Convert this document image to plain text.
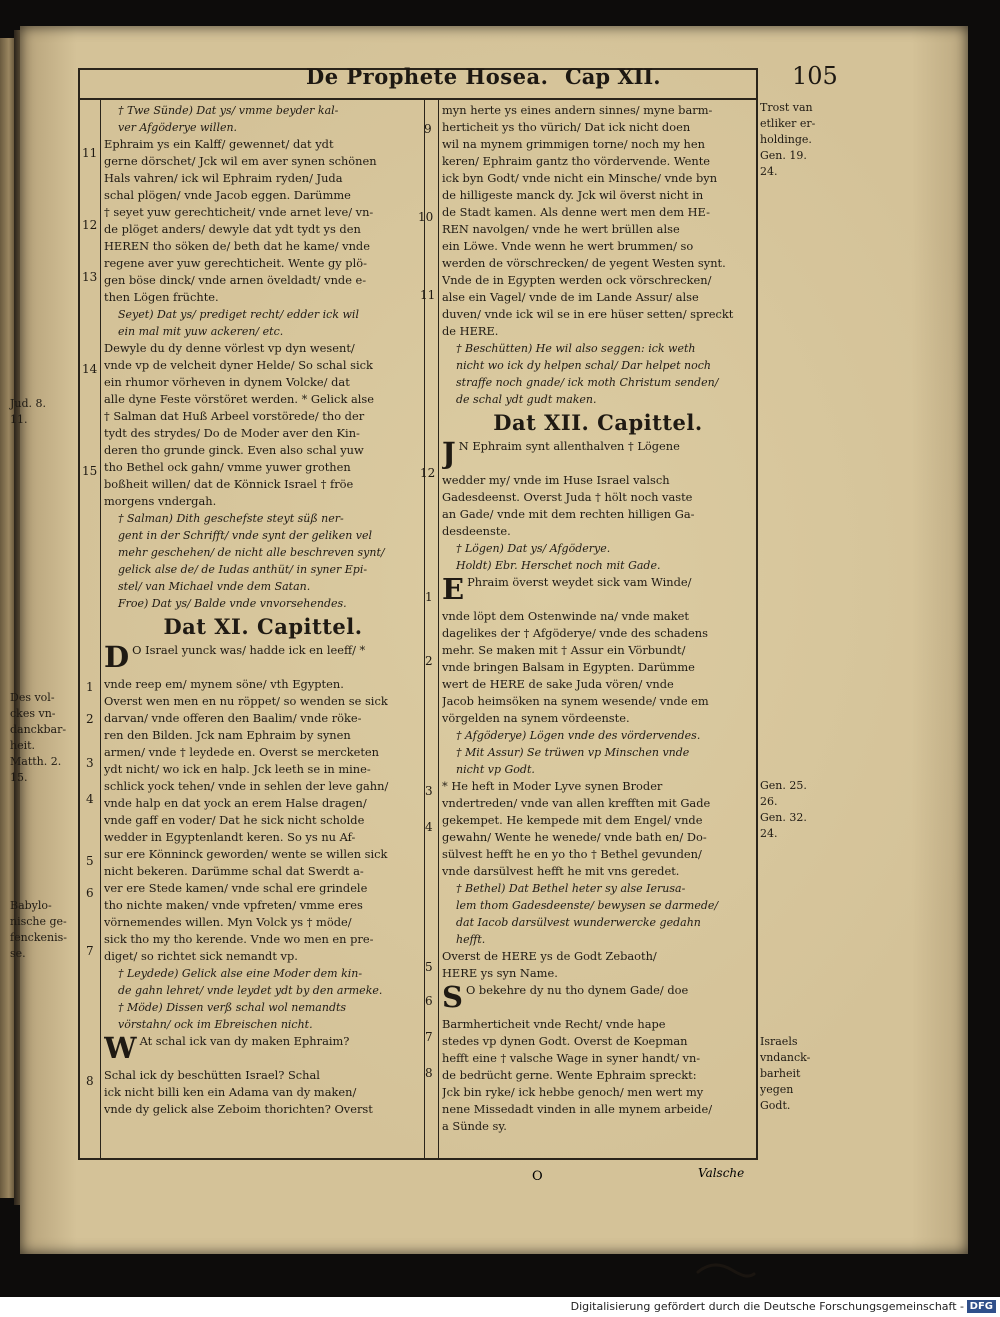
De Prophete Hosea. Cap XII.	105
† Twe Sünde) Dat ys/ vmme beyder kal-
ver Afgöderye willen.
Ephraim ys ein Kalff/ gewennet/ dat ydt
gerne dörschet/ Jck wil em aver synen schönen
Hals vahren/ ick wil Ephraim ryden/ Juda
schal plögen/ vnde Jacob eggen. Darümme
† seyet yuw gerechticheit/ vnde arnet leve/ vn-
de plöget anders/ dewyle dat ydt tydt ys den
HEREN tho söken de/ beth dat he kame/ vnde
regene aver yuw gerechticheit. Wente gy plö-
gen böse dinck/ vnde arnen öveldadt/ vnde e-
then Lögen früchte.
Seyet) Dat ys/ prediget recht/ edder ick wil
ein mal mit yuw ackeren/ etc.
Dewyle du dy denne vörlest vp dyn wesent/
vnde vp de velcheit dyner Helde/ So schal sick
ein rhumor vörheven in dynem Volcke/ dat
alle dyne Feste vörstöret werden. * Gelick alse
† Salman dat Huß Arbeel vorstörede/ tho der
tydt des strydes/ Do de Moder aver den Kin-
deren tho grunde ginck. Even also schal yuw
tho Bethel ock gahn/ vmme yuwer grothen
boßheit willen/ dat de Könnick Israel † fröe
morgens vndergah.
† Salman) Dith geschefste steyt süß ner-
gent in der Schrifft/ vnde synt der geliken vel
mehr geschehen/ de nicht alle beschreven synt/
gelick alse de/ de Iudas anthüt/ in syner Epi-
stel/ van Michael vnde dem Satan.
Froe) Dat ys/ Balde vnde vnvorsehendes.
Dat XI. Capittel.
D O Israel yunck was/ hadde ick en leeff/ *
vnde reep em/ mynem söne/ vth Egypten.
Overst wen men en nu röppet/ so wenden se sick
darvan/ vnde offeren den Baalim/ vnde röke-
ren den Bilden. Jck nam Ephraim by synen
armen/ vnde † leydede en. Overst se mercketen
ydt nicht/ wo ick en halp. Jck leeth se in mine-
schlick yock tehen/ vnde in sehlen der leve gahn/
vnde halp en dat yock an erem Halse dragen/
vnde gaff en voder/ Dat he sick nicht scholde
wedder in Egyptenlandt keren. So ys nu Af-
sur ere Könninck geworden/ wente se willen sick
nicht bekeren. Darümme schal dat Swerdt a-
ver ere Stede kamen/ vnde schal ere grindele
tho nichte maken/ vnde vpfreten/ vmme eres
vörnemendes willen. Myn Volck ys † möde/
sick tho my tho kerende. Vnde wo men en pre-
diget/ so richtet sick nemandt vp.
† Leydede) Gelick alse eine Moder dem kin-
de gahn lehret/ vnde leydet ydt by den armeke.
† Möde) Dissen verß schal wol nemandts
vörstahn/ ock im Ebreischen nicht.
W At schal ick van dy maken Ephraim?
Schal ick dy beschütten Israel? Schal
ick nicht billi ken ein Adama van dy maken/
vnde dy gelick alse Zeboim thorichten? Overst
myn herte ys eines andern sinnes/ myne barm-
herticheit ys tho vürich/ Dat ick nicht doen
wil na mynem grimmigen torne/ noch my hen
keren/ Ephraim gantz tho vördervende. Wente
ick byn Godt/ vnde nicht ein Minsche/ vnde byn
de hilligeste manck dy. Jck wil överst nicht in
de Stadt kamen. Als denne wert men dem HE-
REN navolgen/ vnde he wert brüllen alse
ein Löwe. Vnde wenn he wert brummen/ so
werden de vörschrecken/ de yegent Westen synt.
Vnde de in Egypten werden ock vörschrecken/
alse ein Vagel/ vnde de im Lande Assur/ alse
duven/ vnde ick wil se in ere hüser setten/ spreckt
de HERE.
† Beschütten) He wil also seggen: ick weth
nicht wo ick dy helpen schal/ Dar helpet noch
straffe noch gnade/ ick moth Christum senden/
de schal ydt gudt maken.
Dat XII. Capittel.
J N Ephraim synt allenthalven † Lögene
wedder my/ vnde im Huse Israel valsch
Gadesdeenst. Overst Juda † hölt noch vaste
an Gade/ vnde mit dem rechten hilligen Ga-
desdeenste.
† Lögen) Dat ys/ Afgöderye.
Holdt) Ebr. Herschet noch mit Gade.
E Phraim överst weydet sick vam Winde/
vnde löpt dem Ostenwinde na/ vnde maket
dagelikes der † Afgöderye/ vnde des schadens
mehr. Se maken mit † Assur ein Vörbundt/
vnde bringen Balsam in Egypten. Darümme
wert de HERE de sake Juda vören/ vnde
Jacob heimsöken na synem wesende/ vnde em
vörgelden na synem vördeenste.
† Afgöderye) Lögen vnde des vördervendes.
† Mit Assur) Se trüwen vp Minschen vnde
nicht vp Godt.
* He heft in Moder Lyve synen Broder
vndertreden/ vnde van allen krefften mit Gade
gekempet. He kempede mit dem Engel/ vnde
gewahn/ Wente he wenede/ vnde bath en/ Do-
sülvest hefft he en yo tho † Bethel gevunden/
vnde darsülvest hefft he mit vns geredet.
† Bethel) Dat Bethel heter sy alse Ierusa-
lem thom Gadesdeenste/ bewysen se darmede/
dat Iacob darsülvest wunderwercke gedahn
hefft.
Overst de HERE ys de Godt Zebaoth/
HERE ys syn Name.
S O bekehre dy nu tho dynem Gade/ doe
Barmherticheit vnde Recht/ vnde hape
stedes vp dynen Godt. Overst de Koepman
hefft eine † valsche Wage in syner handt/ vn-
de bedrücht gerne. Wente Ephraim spreckt:
Jck bin ryke/ ick hebbe genoch/ men wert my
nene Missedadt vinden in alle mynem arbeide/
a Sünde sy.
11
12
13
14
15
1
2
3
4
5
6
7
8
9
10
11
12
1
2
3
4
5
6
7
8
Jud. 8.
11.
Des vol-
ckes vn-
danckbar-
heit.
Matth. 2.
15.
Babylo-
nische ge-
fenckenis-
se.
Trost van
etliker er-
holdinge.
Gen. 19.
24.
Gen. 25.
26.
Gen. 32.
24.
Israels
vndanck-
barheit
yegen
Godt.
O	Valsche
Digitalisierung gefördert durch die Deutsche Forschungsgemeinschaft - DFG
